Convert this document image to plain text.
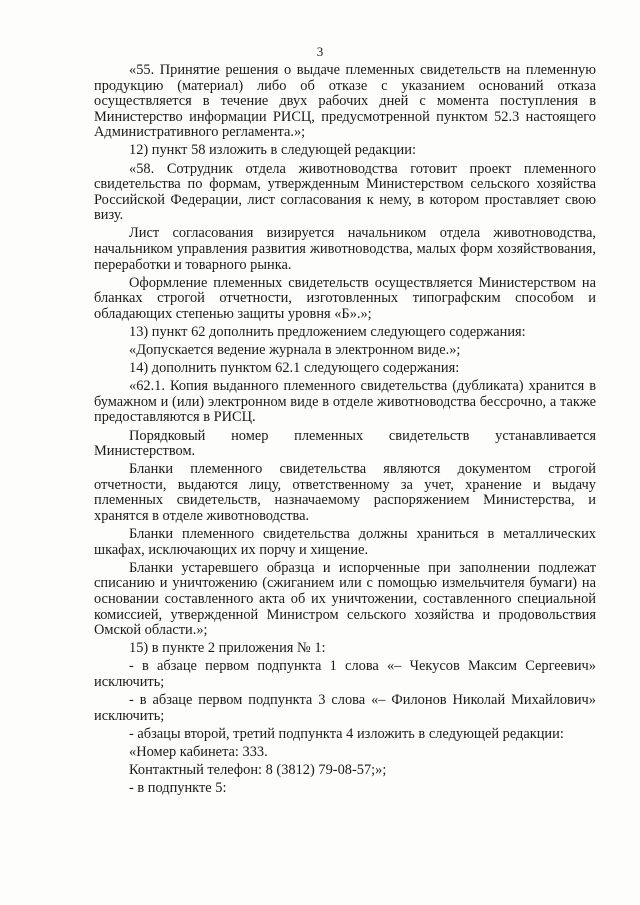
3

«55. Принятие решения о выдаче племенных свидетельств на племенную продукцию (материал) либо об отказе с указанием оснований отказа осуществляется в течение двух рабочих дней с момента поступления в Министерство информации РИСЦ, предусмотренной пунктом 52.3 настоящего Административного регламента.»;

12) пункт 58 изложить в следующей редакции:

«58. Сотрудник отдела животноводства готовит проект племенного свидетельства по формам, утвержденным Министерством сельского хозяйства Российской Федерации, лист согласования к нему, в котором проставляет свою визу.

Лист согласования визируется начальником отдела животноводства, начальником управления развития животноводства, малых форм хозяйствования, переработки и товарного рынка.

Оформление племенных свидетельств осуществляется Министерством на бланках строгой отчетности, изготовленных типографским способом и обладающих степенью защиты уровня «Б».»;

13) пункт 62 дополнить предложением следующего содержания:

«Допускается ведение журнала в электронном виде.»;

14) дополнить пунктом 62.1 следующего содержания:

«62.1. Копия выданного племенного свидетельства (дубликата) хранится в бумажном и (или) электронном виде в отделе животноводства бессрочно, а также предоставляются в РИСЦ.

Порядковый номер племенных свидетельств устанавливается Министерством.

Бланки племенного свидетельства являются документом строгой отчетности, выдаются лицу, ответственному за учет, хранение и выдачу племенных свидетельств, назначаемому распоряжением Министерства, и хранятся в отделе животноводства.

Бланки племенного свидетельства должны храниться в металлических шкафах, исключающих их порчу и хищение.

Бланки устаревшего образца и испорченные при заполнении подлежат списанию и уничтожению (сжиганием или с помощью измельчителя бумаги) на основании составленного акта об их уничтожении, составленного специальной комиссией, утвержденной Министром сельского хозяйства и продовольствия Омской области.»;

15) в пункте 2 приложения № 1:

- в абзаце первом подпункта 1 слова «– Чекусов Максим Сергеевич» исключить;

- в абзаце первом подпункта 3 слова «– Филонов Николай Михайлович» исключить;

- абзацы второй, третий подпункта 4 изложить в следующей редакции:

«Номер кабинета: 333.

Контактный телефон: 8 (3812) 79-08-57;»;

- в подпункте 5:
